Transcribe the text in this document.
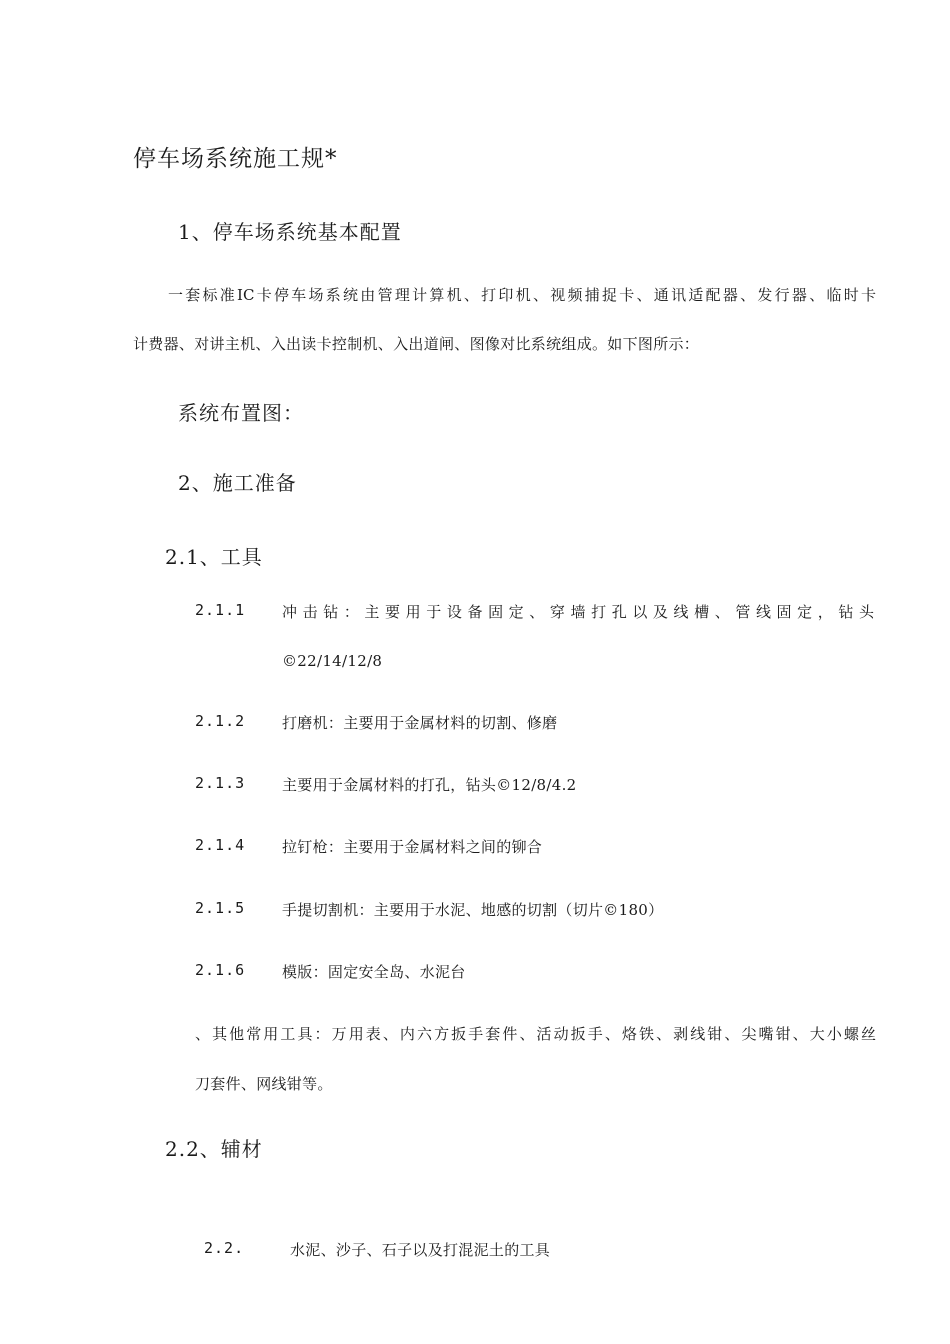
停车场系统施工规*
1、停车场系统基本配置
一套标准IC卡停车场系统由管理计算机、打印机、视频捕捉卡、通讯适配器、发行器、临时卡
计费器、对讲主机、入出读卡控制机、入出道闸、图像对比系统组成。如下图所示：
系统布置图：
2、施工准备
2.1、工具
2.1.1 冲击钻：主要用于设备固定、穿墙打孔以及线槽、管线固定，钻头
©22/14/12/8
2.1.2 打磨机：主要用于金属材料的切割、修磨
2.1.3 主要用于金属材料的打孔，钻头©12/8/4.2
2.1.4 拉钉枪：主要用于金属材料之间的铆合
2.1.5 手提切割机：主要用于水泥、地感的切割（切片©180）
2.1.6 模版：固定安全岛、水泥台
、其他常用工具：万用表、内六方扳手套件、活动扳手、烙铁、剥线钳、尖嘴钳、大小螺丝
刀套件、网线钳等。
2.2、辅材
2.2.	水泥、沙子、石子以及打混泥土的工具
